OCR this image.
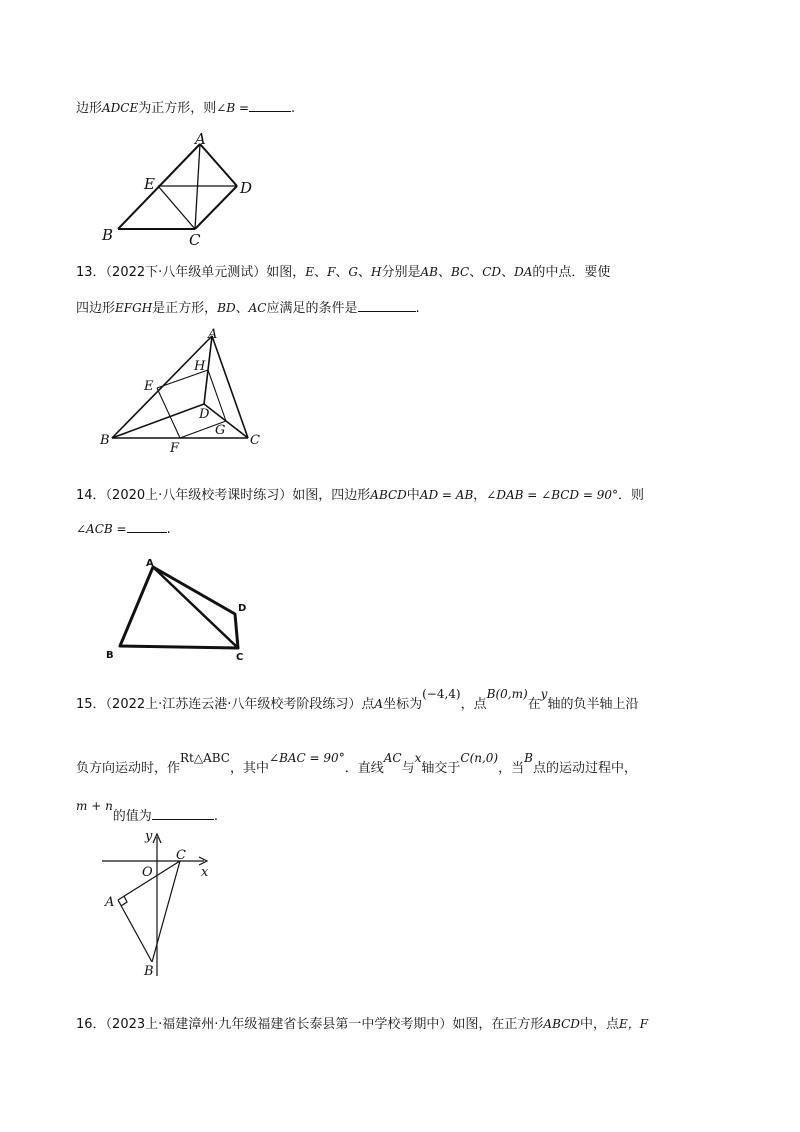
边形ADCE为正方形，则∠B =	.
A
E	D
B	C
13．（2022下·八年级单元测试）如图，E、F、G、H分别是AB、BC、CD、DA的中点．要使
四边形EFGH是正方形，BD、AC应满足的条件是	.
A
H
E
D
G
B
F
C
14．（2020上·八年级校考课时练习）如图，四边形ABCD中AD = AB，∠DAB = ∠BCD = 90°．则
∠ACB =	.
A
D
B	C
15．（2022上·江苏连云港·八年级校考阶段练习）点A坐标为(−4,4)，点B(0,m)在y轴的负半轴上沿
负方向运动时，作Rt△ABC，其中∠BAC = 90°．直线AC与x轴交于C(n,0)，当B点的运动过程中，
m + n的值为	.
y
O
C
x
A
B
16．（2023上·福建漳州·九年级福建省长泰县第一中学校考期中）如图，在正方形ABCD中，点E，F
